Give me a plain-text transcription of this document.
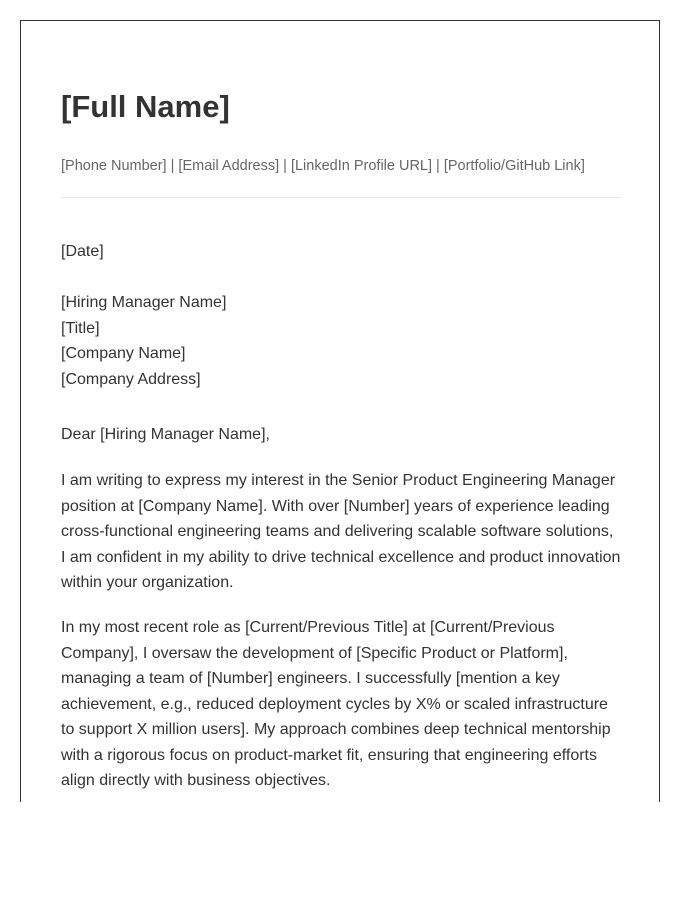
[Full Name]
[Phone Number] | [Email Address] | [LinkedIn Profile URL] | [Portfolio/GitHub Link]
[Date]
[Hiring Manager Name]
[Title]
[Company Name]
[Company Address]
Dear [Hiring Manager Name],

I am writing to express my interest in the Senior Product Engineering Manager position at [Company Name]. With over [Number] years of experience leading cross-functional engineering teams and delivering scalable software solutions, I am confident in my ability to drive technical excellence and product innovation within your organization.

In my most recent role as [Current/Previous Title] at [Current/Previous Company], I oversaw the development of [Specific Product or Platform], managing a team of [Number] engineers. I successfully [mention a key achievement, e.g., reduced deployment cycles by X% or scaled infrastructure to support X million users]. My approach combines deep technical mentorship with a rigorous focus on product-market fit, ensuring that engineering efforts align directly with business objectives.
